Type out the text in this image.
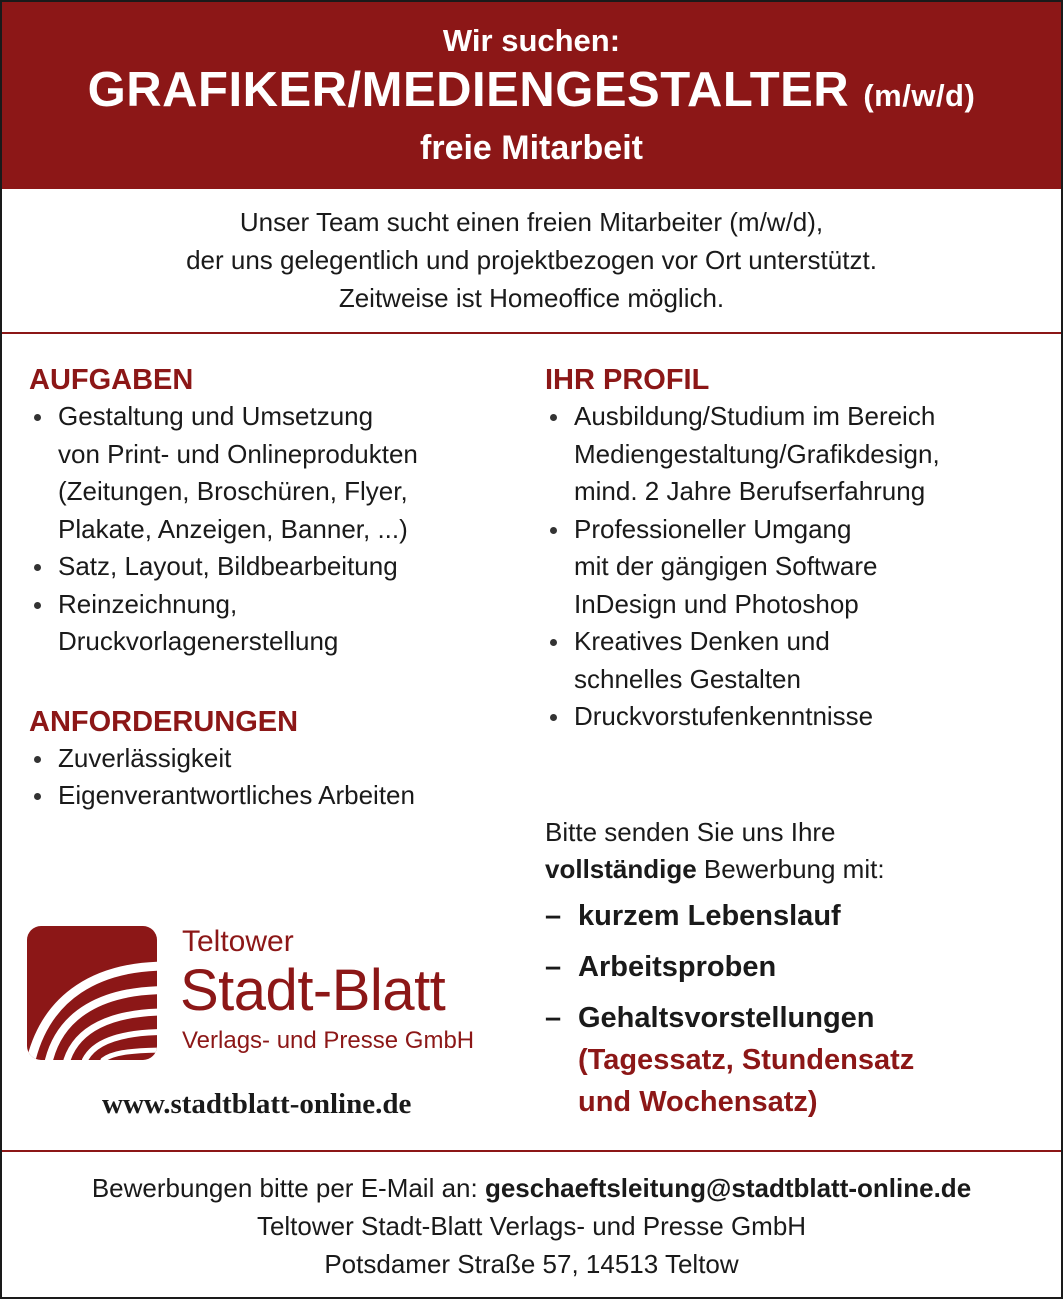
Wir suchen:
GRAFIKER/MEDIENGESTALTER (m/w/d)
freie Mitarbeit
Unser Team sucht einen freien Mitarbeiter (m/w/d),
der uns gelegentlich und projektbezogen vor Ort unterstützt.
Zeitweise ist Homeoffice möglich.
AUFGABEN
Gestaltung und Umsetzung
von Print- und Onlineprodukten
(Zeitungen, Broschüren, Flyer,
Plakate, Anzeigen, Banner, ...)
Satz, Layout, Bildbearbeitung
Reinzeichnung,
Druckvorlagenerstellung
ANFORDERUNGEN
Zuverlässigkeit
Eigenverantwortliches Arbeiten
Teltower
Stadt-Blatt
Verlags- und Presse GmbH
www.stadtblatt-online.de
IHR PROFIL
Ausbildung/Studium im Bereich
Mediengestaltung/Grafikdesign,
mind. 2 Jahre Berufserfahrung
Professioneller Umgang
mit der gängigen Software
InDesign und Photoshop
Kreatives Denken und
schnelles Gestalten
Druckvorstufenkenntnisse
Bitte senden Sie uns Ihre
vollständige Bewerbung mit:
– kurzem Lebenslauf
– Arbeitsproben
– Gehaltsvorstellungen
(Tagessatz, Stundensatz
und Wochensatz)
Bewerbungen bitte per E-Mail an: geschaeftsleitung@stadtblatt-online.de
Teltower Stadt-Blatt Verlags- und Presse GmbH
Potsdamer Straße 57, 14513 Teltow
